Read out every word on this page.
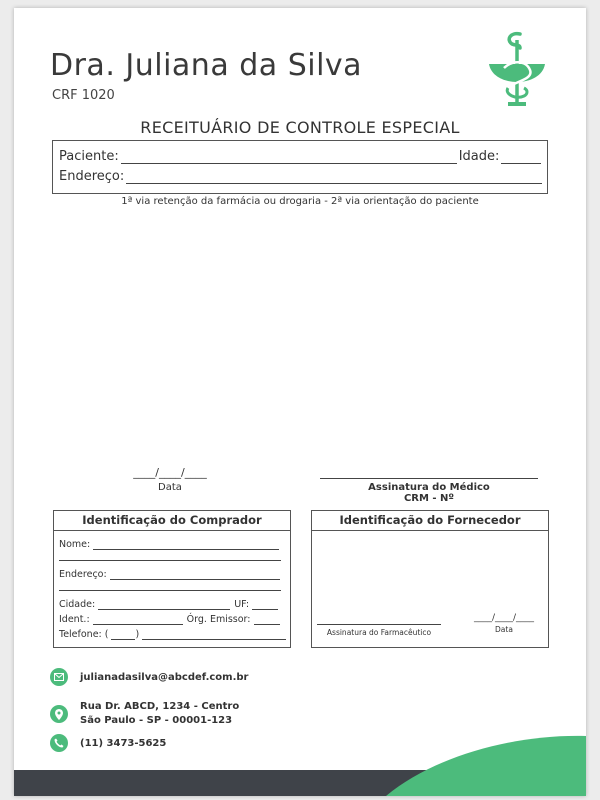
Dra. Juliana da Silva
CRF 1020
RECEITUÁRIO DE CONTROLE ESPECIAL
Paciente:	Idade:
Endereço:
1ª via retenção da farmácia ou drogaria - 2ª via orientação do paciente
____/____/____
Data	Assinatura do Médico
CRM - Nº
Identificação do Comprador
Nome:
Endereço:
Cidade:	UF:
Ident.:	Órg. Emissor:
Telefone: (	)
Identificação do Fornecedor
Assinatura do Farmacêutico
____/____/____
Data
julianadasilva@abcdef.com.br
Rua Dr. ABCD, 1234 - Centro
São Paulo - SP - 00001-123
(11) 3473-5625
